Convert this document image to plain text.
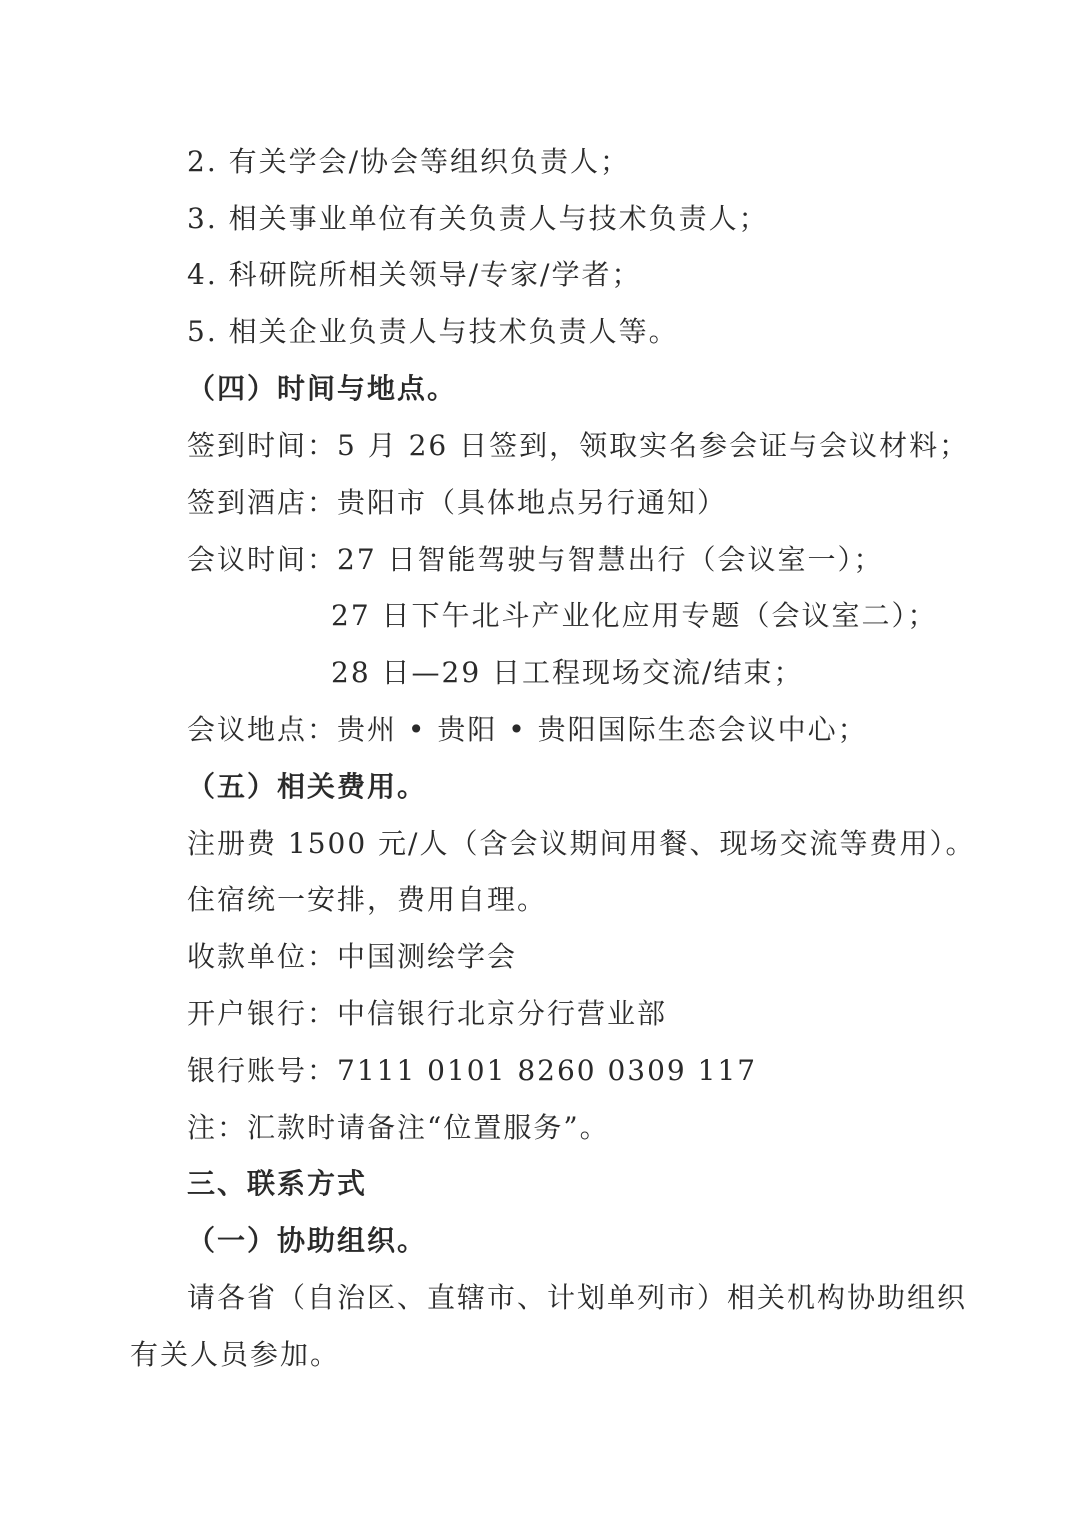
2. 有关学会/协会等组织负责人；
3. 相关事业单位有关负责人与技术负责人；
4. 科研院所相关领导/专家/学者；
5. 相关企业负责人与技术负责人等。
（四）时间与地点。
签到时间：5 月 26 日签到，领取实名参会证与会议材料；
签到酒店：贵阳市（具体地点另行通知）
会议时间：27 日智能驾驶与智慧出行（会议室一）；
27 日下午北斗产业化应用专题（会议室二）；
28 日—29 日工程现场交流/结束；
会议地点：贵州 • 贵阳 • 贵阳国际生态会议中心；
（五）相关费用。
注册费 1500 元/人（含会议期间用餐、现场交流等费用）。
住宿统一安排，费用自理。
收款单位：中国测绘学会
开户银行：中信银行北京分行营业部
银行账号：7111 0101 8260 0309 117
注：汇款时请备注“位置服务”。
三、联系方式
（一）协助组织。
请各省（自治区、直辖市、计划单列市）相关机构协助组织
有关人员参加。
